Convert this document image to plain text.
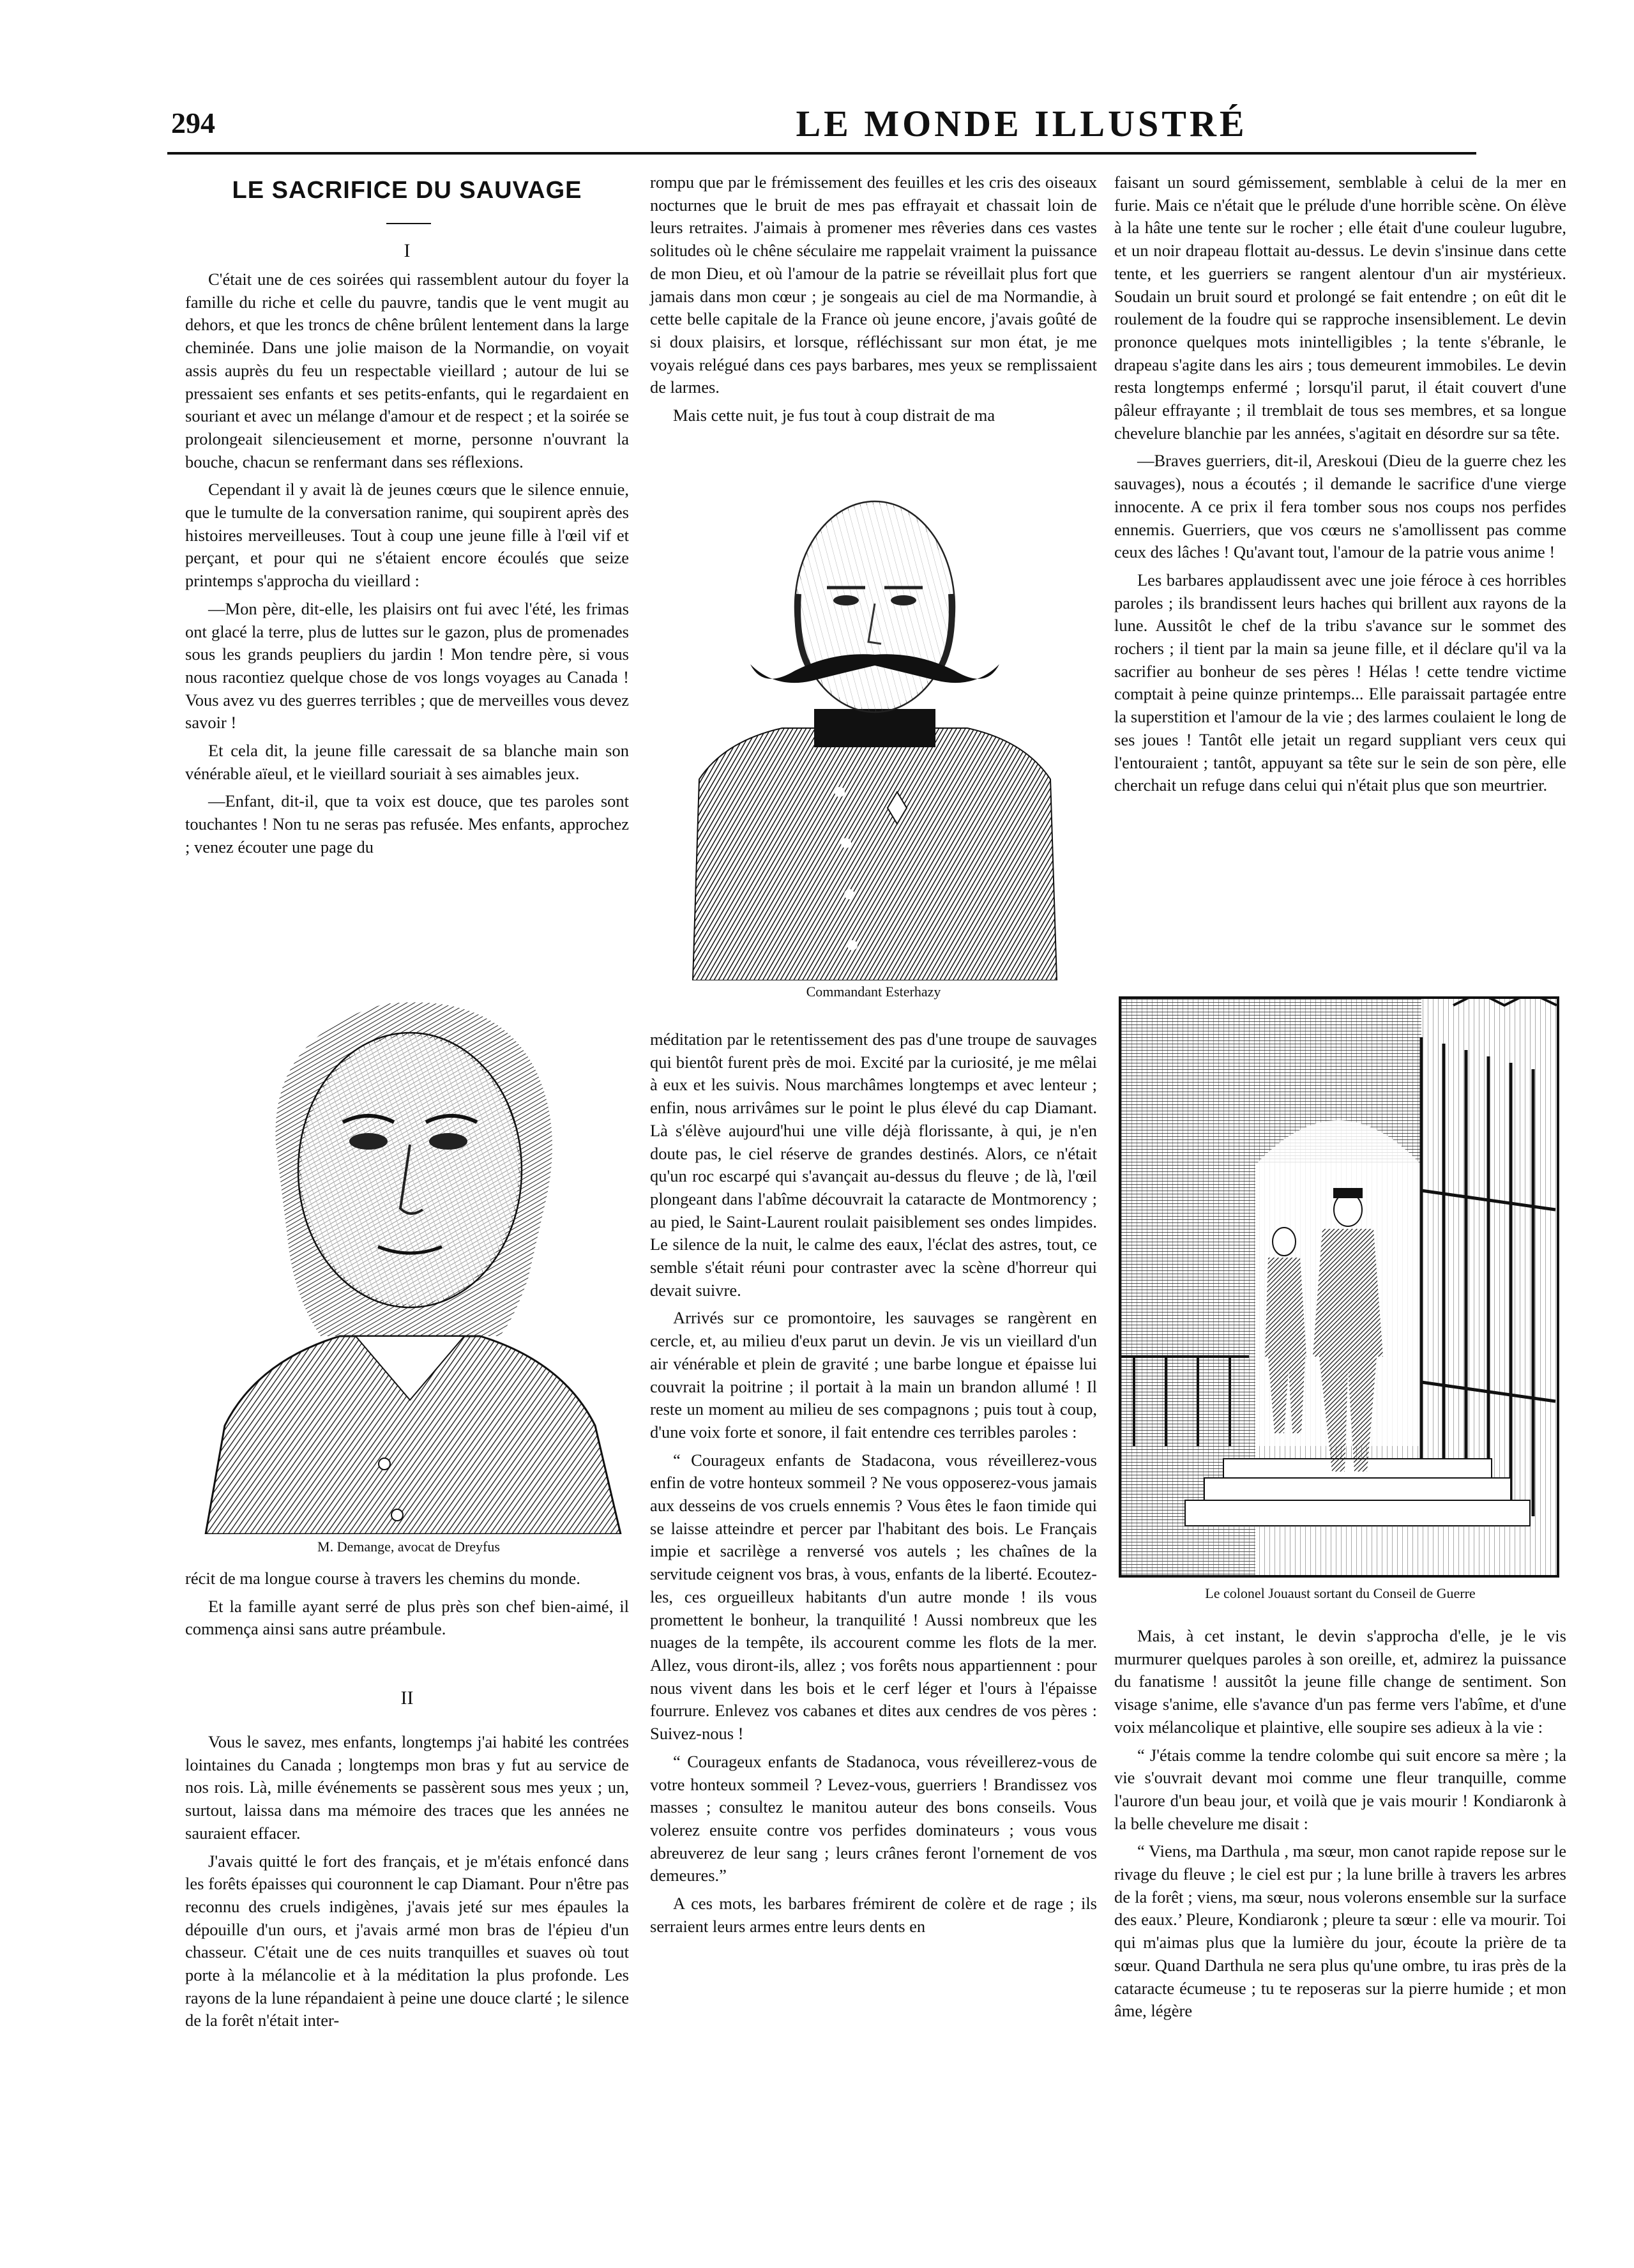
294	LE MONDE ILLUSTRÉ
LE SACRIFICE DU SAUVAGE
I

C'était une de ces soirées qui rassemblent autour du foyer la famille du riche et celle du pauvre, tandis que le vent mugit au dehors, et que les troncs de chêne brûlent lentement dans la large cheminée. Dans une jolie maison de la Normandie, on voyait assis auprès du feu un respectable vieillard ; autour de lui se pressaient ses enfants et ses petits-enfants, qui le regardaient en souriant et avec un mélange d'amour et de respect ; et la soirée se prolongeait silencieusement et morne, personne n'ouvrant la bouche, chacun se renfermant dans ses réflexions.

Cependant il y avait là de jeunes cœurs que le silence ennuie, que le tumulte de la conversation ranime, qui soupirent après des histoires merveilleuses. Tout à coup une jeune fille à l'œil vif et perçant, et pour qui ne s'étaient encore écoulés que seize printemps s'approcha du vieillard :

—Mon père, dit-elle, les plaisirs ont fui avec l'été, les frimas ont glacé la terre, plus de luttes sur le gazon, plus de promenades sous les grands peupliers du jardin ! Mon tendre père, si vous nous racontiez quelque chose de vos longs voyages au Canada ! Vous avez vu des guerres terribles ; que de merveilles vous devez savoir !

Et cela dit, la jeune fille caressait de sa blanche main son vénérable aïeul, et le vieillard souriait à ses aimables jeux.

—Enfant, dit-il, que ta voix est douce, que tes paroles sont touchantes ! Non tu ne seras pas refusée. Mes enfants, approchez ; venez écouter une page du

M. Demange, avocat de Dreyfus

récit de ma longue course à travers les chemins du monde.

Et la famille ayant serré de plus près son chef bien-aimé, il commença ainsi sans autre préambule.

II

Vous le savez, mes enfants, longtemps j'ai habité les contrées lointaines du Canada ; longtemps mon bras y fut au service de nos rois. Là, mille événements se passèrent sous mes yeux ; un, surtout, laissa dans ma mémoire des traces que les années ne sauraient effacer.

J'avais quitté le fort des français, et je m'étais enfoncé dans les forêts épaisses qui couronnent le cap Diamant. Pour n'être pas reconnu des cruels indigènes, j'avais jeté sur mes épaules la dépouille d'un ours, et j'avais armé mon bras de l'épieu d'un chasseur. C'était une de ces nuits tranquilles et suaves où tout porte à la mélancolie et à la méditation la plus profonde. Les rayons de la lune répandaient à peine une douce clarté ; le silence de la forêt n'était inter-

rompu que par le frémissement des feuilles et les cris des oiseaux nocturnes que le bruit de mes pas effrayait et chassait loin de leurs retraites. J'aimais à promener mes rêveries dans ces vastes solitudes où le chêne séculaire me rappelait vraiment la puissance de mon Dieu, et où l'amour de la patrie se réveillait plus fort que jamais dans mon cœur ; je songeais au ciel de ma Normandie, à cette belle capitale de la France où jeune encore, j'avais goûté de si doux plaisirs, et lorsque, réfléchissant sur mon état, je me voyais relégué dans ces pays barbares, mes yeux se remplissaient de larmes.

Mais cette nuit, je fus tout à coup distrait de ma

Commandant Esterhazy

méditation par le retentissement des pas d'une troupe de sauvages qui bientôt furent près de moi. Excité par la curiosité, je me mêlai à eux et les suivis. Nous marchâmes longtemps et avec lenteur ; enfin, nous arrivâmes sur le point le plus élevé du cap Diamant. Là s'élève aujourd'hui une ville déjà florissante, à qui, je n'en doute pas, le ciel réserve de grandes destinés. Alors, ce n'était qu'un roc escarpé qui s'avançait au-dessus du fleuve ; de là, l'œil plongeant dans l'abîme découvrait la cataracte de Montmorency ; au pied, le Saint-Laurent roulait paisiblement ses ondes limpides. Le silence de la nuit, le calme des eaux, l'éclat des astres, tout, ce semble s'était réuni pour contraster avec la scène d'horreur qui devait suivre.

Arrivés sur ce promontoire, les sauvages se rangèrent en cercle, et, au milieu d'eux parut un devin. Je vis un vieillard d'un air vénérable et plein de gravité ; une barbe longue et épaisse lui couvrait la poitrine ; il portait à la main un brandon allumé ! Il reste un moment au milieu de ses compagnons ; puis tout à coup, d'une voix forte et sonore, il fait entendre ces terribles paroles :

“ Courageux enfants de Stadacona, vous réveillerez-vous enfin de votre honteux sommeil ? Ne vous opposerez-vous jamais aux desseins de vos cruels ennemis ? Vous êtes le faon timide qui se laisse atteindre et percer par l'habitant des bois. Le Français impie et sacrilège a renversé vos autels ; les chaînes de la servitude ceignent vos bras, à vous, enfants de la liberté. Ecoutez-les, ces orgueilleux habitants d'un autre monde ! ils vous promettent le bonheur, la tranquilité ! Aussi nombreux que les nuages de la tempête, ils accourent comme les flots de la mer. Allez, vous diront-ils, allez ; vos forêts nous appartiennent : pour nous vivent dans les bois et le cerf léger et l'ours à l'épaisse fourrure. Enlevez vos cabanes et dites aux cendres de vos pères : Suivez-nous !

“ Courageux enfants de Stadanoca, vous réveillerez-vous de votre honteux sommeil ? Levez-vous, guerriers ! Brandissez vos masses ; consultez le manitou auteur des bons conseils. Vous volerez ensuite contre vos perfides dominateurs ; vous vous abreuverez de leur sang ; leurs crânes feront l'ornement de vos demeures.”

A ces mots, les barbares frémirent de colère et de rage ; ils serraient leurs armes entre leurs dents en

faisant un sourd gémissement, semblable à celui de la mer en furie. Mais ce n'était que le prélude d'une horrible scène. On élève à la hâte une tente sur le rocher ; elle était d'une couleur lugubre, et un noir drapeau flottait au-dessus. Le devin s'insinue dans cette tente, et les guerriers se rangent alentour d'un air mystérieux. Soudain un bruit sourd et prolongé se fait entendre ; on eût dit le roulement de la foudre qui se rapproche insensiblement. Le devin prononce quelques mots inintelligibles ; la tente s'ébranle, le drapeau s'agite dans les airs ; tous demeurent immobiles. Le devin resta longtemps enfermé ; lorsqu'il parut, il était couvert d'une pâleur effrayante ; il tremblait de tous ses membres, et sa longue chevelure blanchie par les années, s'agitait en désordre sur sa tête.

—Braves guerriers, dit-il, Areskoui (Dieu de la guerre chez les sauvages), nous a écoutés ; il demande le sacrifice d'une vierge innocente. A ce prix il fera tomber sous nos coups nos perfides ennemis. Guerriers, que vos cœurs ne s'amollissent pas comme ceux des lâches ! Qu'avant tout, l'amour de la patrie vous anime !

Les barbares applaudissent avec une joie féroce à ces horribles paroles ; ils brandissent leurs haches qui brillent aux rayons de la lune. Aussitôt le chef de la tribu s'avance sur le sommet des rochers ; il tient par la main sa jeune fille, et il déclare qu'il va la sacrifier au bonheur de ses pères ! Hélas ! cette tendre victime comptait à peine quinze printemps... Elle paraissait partagée entre la superstition et l'amour de la vie ; des larmes coulaient le long de ses joues ! Tantôt elle jetait un regard suppliant vers ceux qui l'entouraient ; tantôt, appuyant sa tête sur le sein de son père, elle cherchait un refuge dans celui qui n'était plus que son meurtrier.

Le colonel Jouaust sortant du Conseil de Guerre

Mais, à cet instant, le devin s'approcha d'elle, je le vis murmurer quelques paroles à son oreille, et, admirez la puissance du fanatisme ! aussitôt la jeune fille change de sentiment. Son visage s'anime, elle s'avance d'un pas ferme vers l'abîme, et d'une voix mélancolique et plaintive, elle soupire ses adieux à la vie :

“ J'étais comme la tendre colombe qui suit encore sa mère ; la vie s'ouvrait devant moi comme une fleur tranquille, comme l'aurore d'un beau jour, et voilà que je vais mourir ! Kondiaronk à la belle chevelure me disait :

“ Viens, ma Darthula , ma sœur, mon canot rapide repose sur le rivage du fleuve ; le ciel est pur ; la lune brille à travers les arbres de la forêt ; viens, ma sœur, nous volerons ensemble sur la surface des eaux.’ Pleure, Kondiaronk ; pleure ta sœur : elle va mourir. Toi qui m'aimas plus que la lumière du jour, écoute la prière de ta sœur. Quand Darthula ne sera plus qu'une ombre, tu iras près de la cataracte écumeuse ; tu te reposeras sur la pierre humide ; et mon âme, légère
